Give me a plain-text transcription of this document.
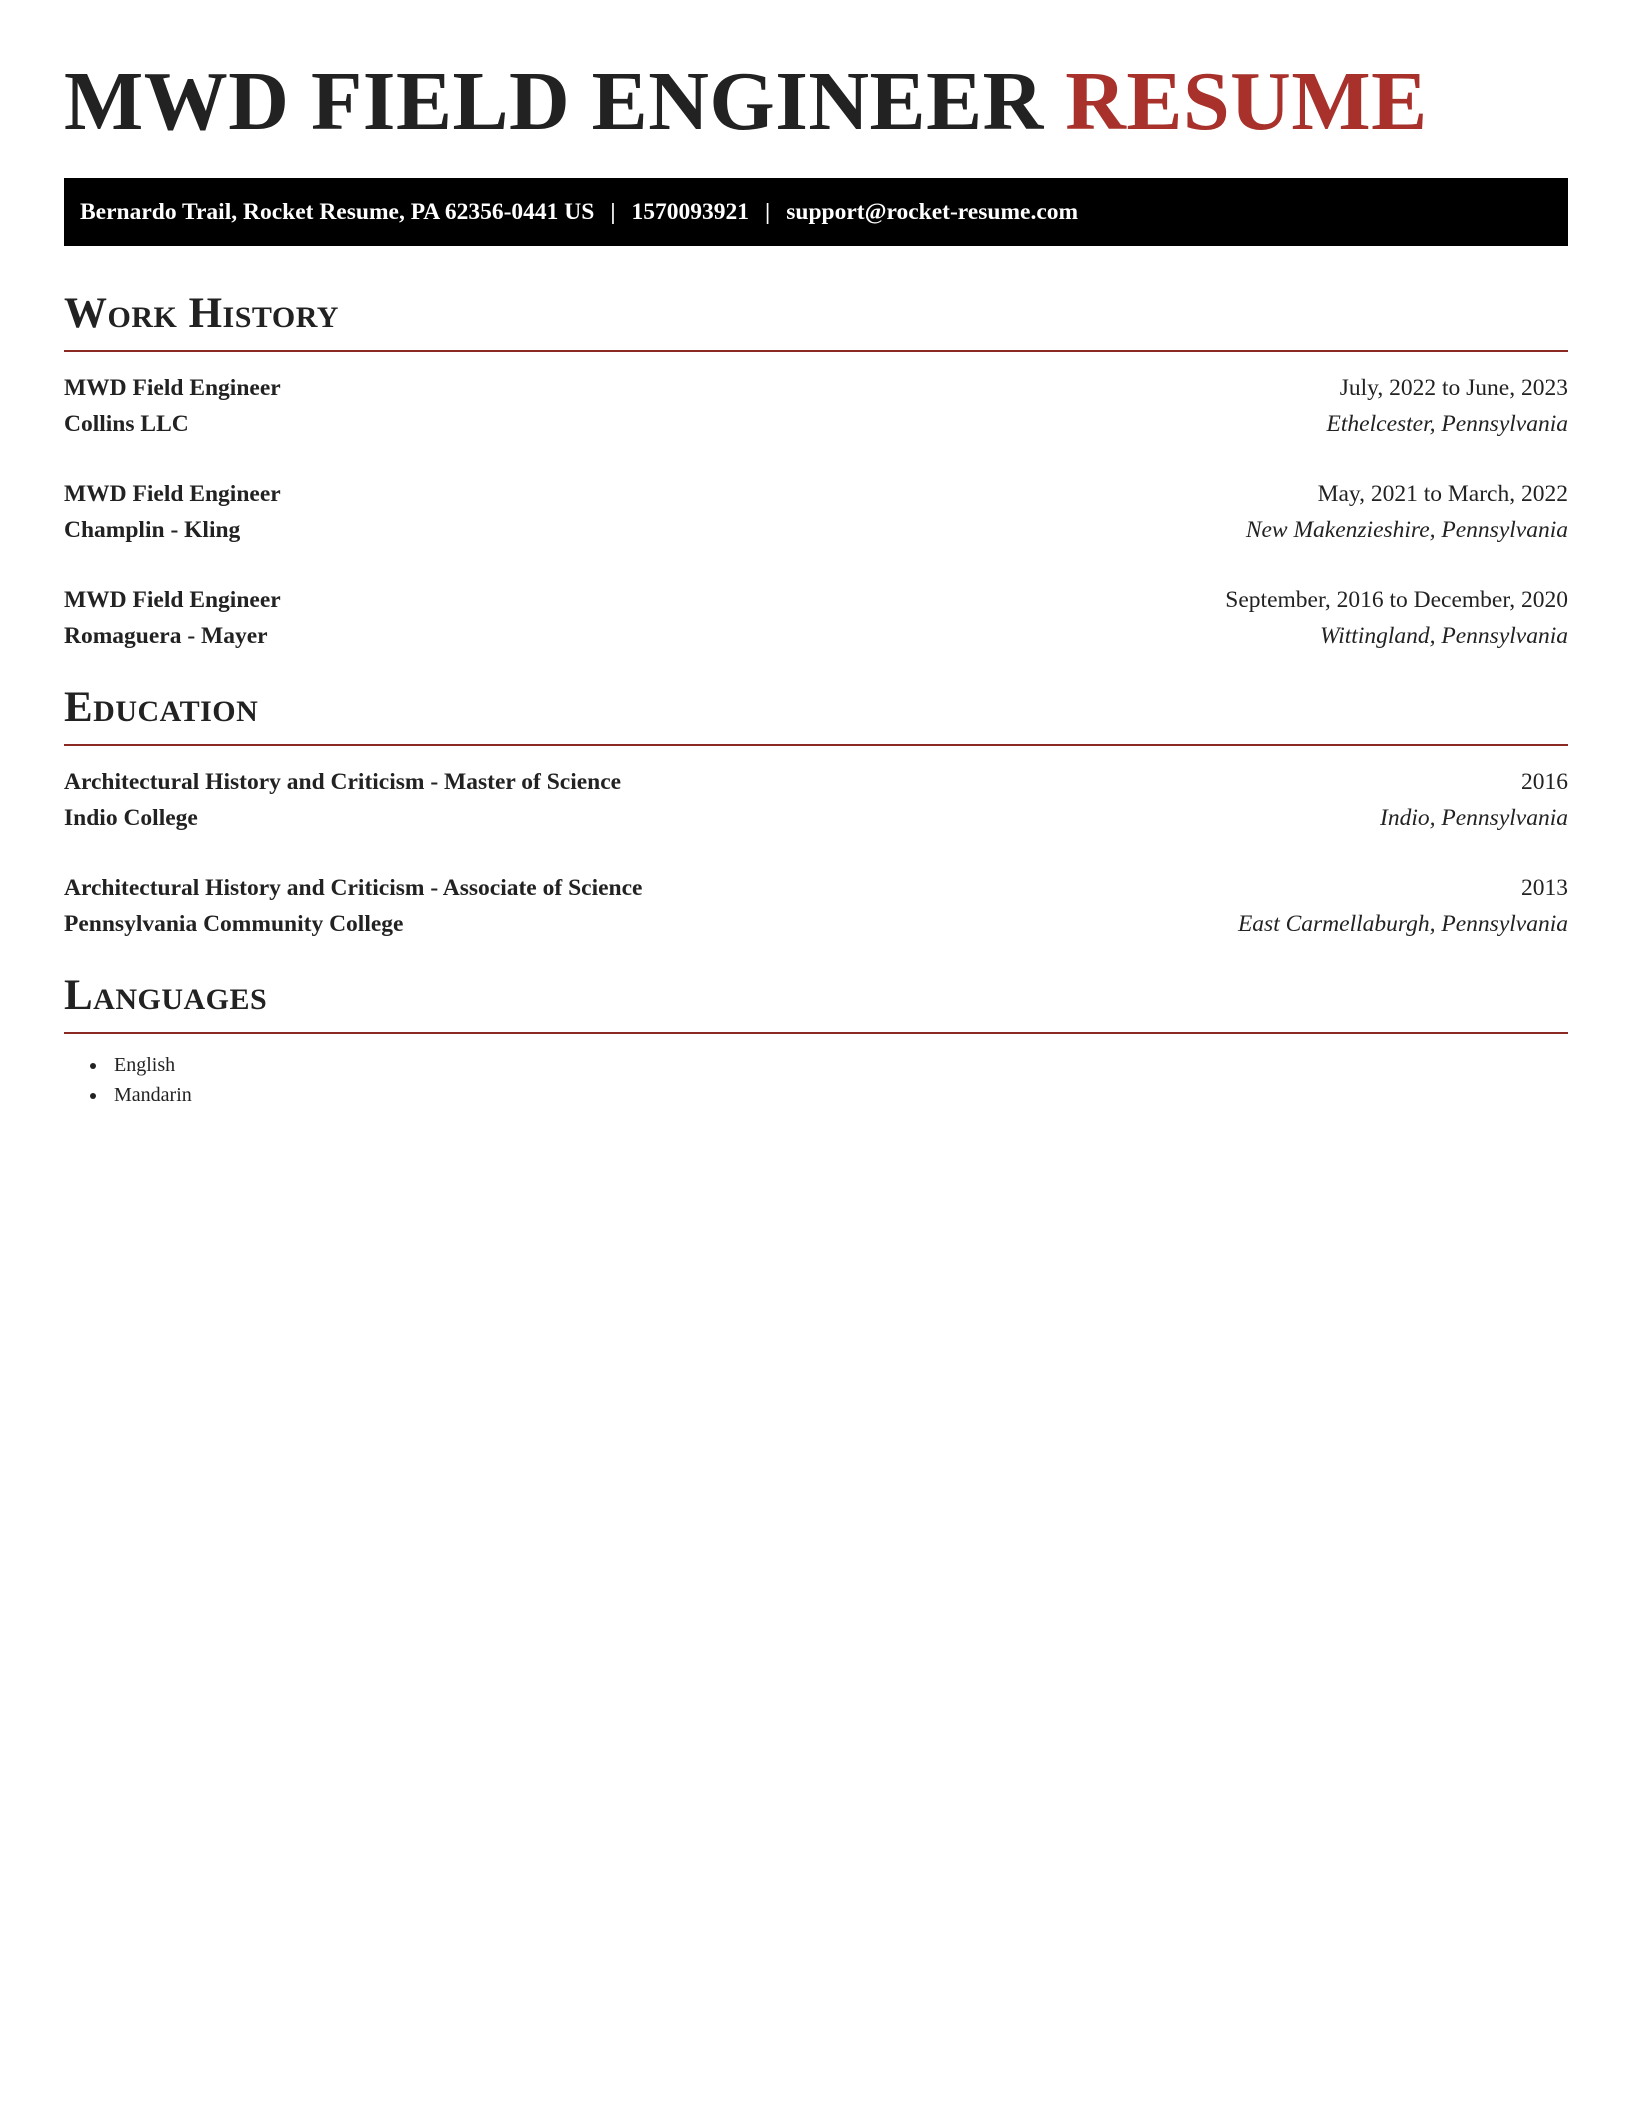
MWD FIELD ENGINEER RESUME
Bernardo Trail, Rocket Resume, PA 62356-0441 US | 1570093921 | support@rocket-resume.com
Work History
MWD Field Engineer	July, 2022 to June, 2023
Collins LLC	Ethelcester, Pennsylvania
MWD Field Engineer	May, 2021 to March, 2022
Champlin - Kling	New Makenzieshire, Pennsylvania
MWD Field Engineer	September, 2016 to December, 2020
Romaguera - Mayer	Wittingland, Pennsylvania
Education
Architectural History and Criticism - Master of Science	2016
Indio College	Indio, Pennsylvania
Architectural History and Criticism - Associate of Science	2013
Pennsylvania Community College	East Carmellaburgh, Pennsylvania
Languages
• English
• Mandarin
